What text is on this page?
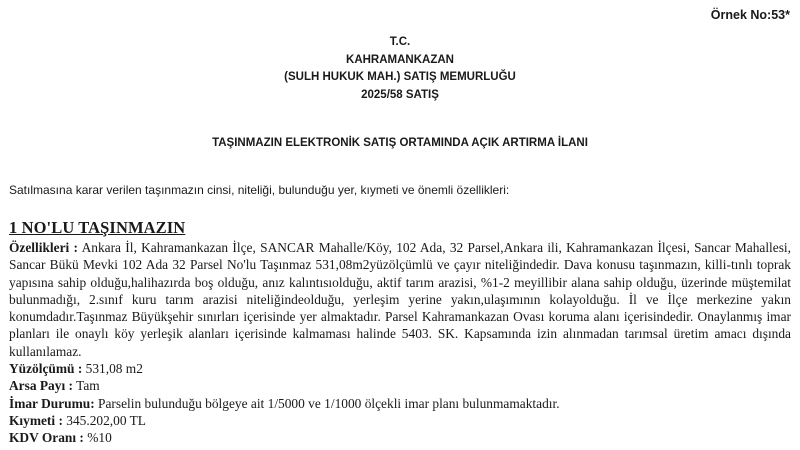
Örnek No:53*
T.C.
KAHRAMANKAZAN
(SULH HUKUK MAH.) SATIŞ MEMURLUĞU
2025/58 SATIŞ
TAŞINMAZIN ELEKTRONİK SATIŞ ORTAMINDA AÇIK ARTIRMA İLANI
Satılmasına karar verilen taşınmazın cinsi, niteliği, bulunduğu yer, kıymeti ve önemli özellikleri:
1 NO'LU TAŞINMAZIN

Özellikleri : Ankara İl, Kahramankazan İlçe, SANCAR Mahalle/Köy, 102 Ada, 32 Parsel,Ankara ili, Kahramankazan İlçesi, Sancar Mahallesi, Sancar Bükü Mevki 102 Ada 32 Parsel No'lu Taşınmaz 531,08m2yüzölçümlü ve çayır niteliğindedir. Dava konusu taşınmazın, killi-tınlı toprak yapısına sahip olduğu,halihazırda boş olduğu, anız kalıntısıolduğu, aktif tarım arazisi, %1-2 meyillibir alana sahip olduğu, üzerinde müştemilat bulunmadığı, 2.sınıf kuru tarım arazisi niteliğindeolduğu, yerleşim yerine yakın,ulaşımının kolayolduğu. İl ve İlçe merkezine yakın konumdadır.Taşınmaz Büyükşehir sınırları içerisinde yer almaktadır. Parsel Kahramankazan Ovası koruma alanı içerisindedir. Onaylanmış imar planları ile onaylı köy yerleşik alanları içerisinde kalmaması halinde 5403. SK. Kapsamında izin alınmadan tarımsal üretim amacı dışında kullanılamaz.

Yüzölçümü : 531,08 m2

Arsa Payı : Tam

İmar Durumu: Parselin bulunduğu bölgeye ait 1/5000 ve 1/1000 ölçekli imar planı bulunmamaktadır.

Kıymeti : 345.202,00 TL

KDV Oranı : %10
